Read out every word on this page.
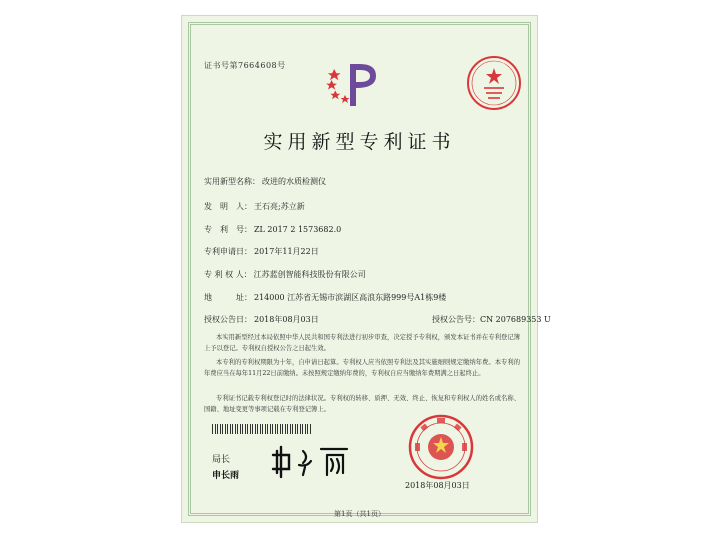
证书号第7664608号
实用新型专利证书
实用新型名称： 改进的水质检测仪
发　明　人： 王石亮;苏立新
专　利　号： ZL 2017 2 1573682.0
专利申请日： 2017年11月22日
专 利 权 人： 江苏蓝创智能科技股份有限公司
地　　　址： 214000 江苏省无锡市滨湖区高浪东路999号A1栋9楼
授权公告日： 2018年08月03日	授权公告号：CN 207689353 U
本实用新型经过本局依照中华人民共和国专利法进行初步审查，决定授予专利权，颁发本证书并在专利登记簿上予以登记。专利权自授权公告之日起生效。
本专利的专利权期限为十年，自申请日起算。专利权人应当依照专利法及其实施细则规定缴纳年费。本专利的年费应当在每年11月22日前缴纳。未按照规定缴纳年费的，专利权自应当缴纳年费期满之日起终止。
专利证书记载专利权登记时的法律状况。专利权的转移、质押、无效、终止、恢复和专利权人的姓名或名称、国籍、地址变更等事项记载在专利登记簿上。
局长
申长雨
2018年08月03日
第1页（共1页）
